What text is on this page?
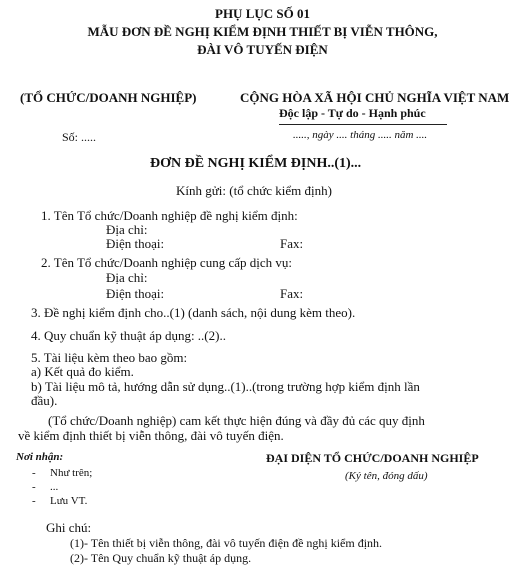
PHỤ LỤC SỐ 01
MẪU ĐƠN ĐỀ NGHỊ KIỂM ĐỊNH THIẾT BỊ VIỄN THÔNG,
ĐÀI VÔ TUYẾN ĐIỆN
(TỔ CHỨC/DOANH NGHIỆP)
Số: .....
CỘNG HÒA XÃ HỘI CHỦ NGHĨA VIỆT NAM
Độc lập - Tự do - Hạnh phúc
....., ngày .... tháng ..... năm ....
ĐƠN ĐỀ NGHỊ KIỂM ĐỊNH..(1)...
Kính gửi: (tổ chức kiểm định)
1. Tên Tổ chức/Doanh nghiệp đề nghị kiểm định:
Địa chỉ:
Điện thoại:	Fax:
2. Tên Tổ chức/Doanh nghiệp cung cấp dịch vụ:
Địa chỉ:
Điện thoại:	Fax:
3. Đề nghị kiểm định cho..(1) (danh sách, nội dung kèm theo).
4. Quy chuẩn kỹ thuật áp dụng: ..(2)..
5. Tài liệu kèm theo bao gồm:
a) Kết quả đo kiểm.
b) Tài liệu mô tả, hướng dẫn sử dụng..(1)..(trong trường hợp kiểm định lần
đầu).
(Tổ chức/Doanh nghiệp) cam kết thực hiện đúng và đầy đủ các quy định
về kiểm định thiết bị viễn thông, đài vô tuyến điện.
Nơi nhận:
- Như trên;
- ...
- Lưu VT.
ĐẠI DIỆN TỔ CHỨC/DOANH NGHIỆP
(Ký tên, đóng dấu)
Ghi chú:
(1)- Tên thiết bị viễn thông, đài vô tuyến điện đề nghị kiểm định.
(2)- Tên Quy chuẩn kỹ thuật áp dụng.
